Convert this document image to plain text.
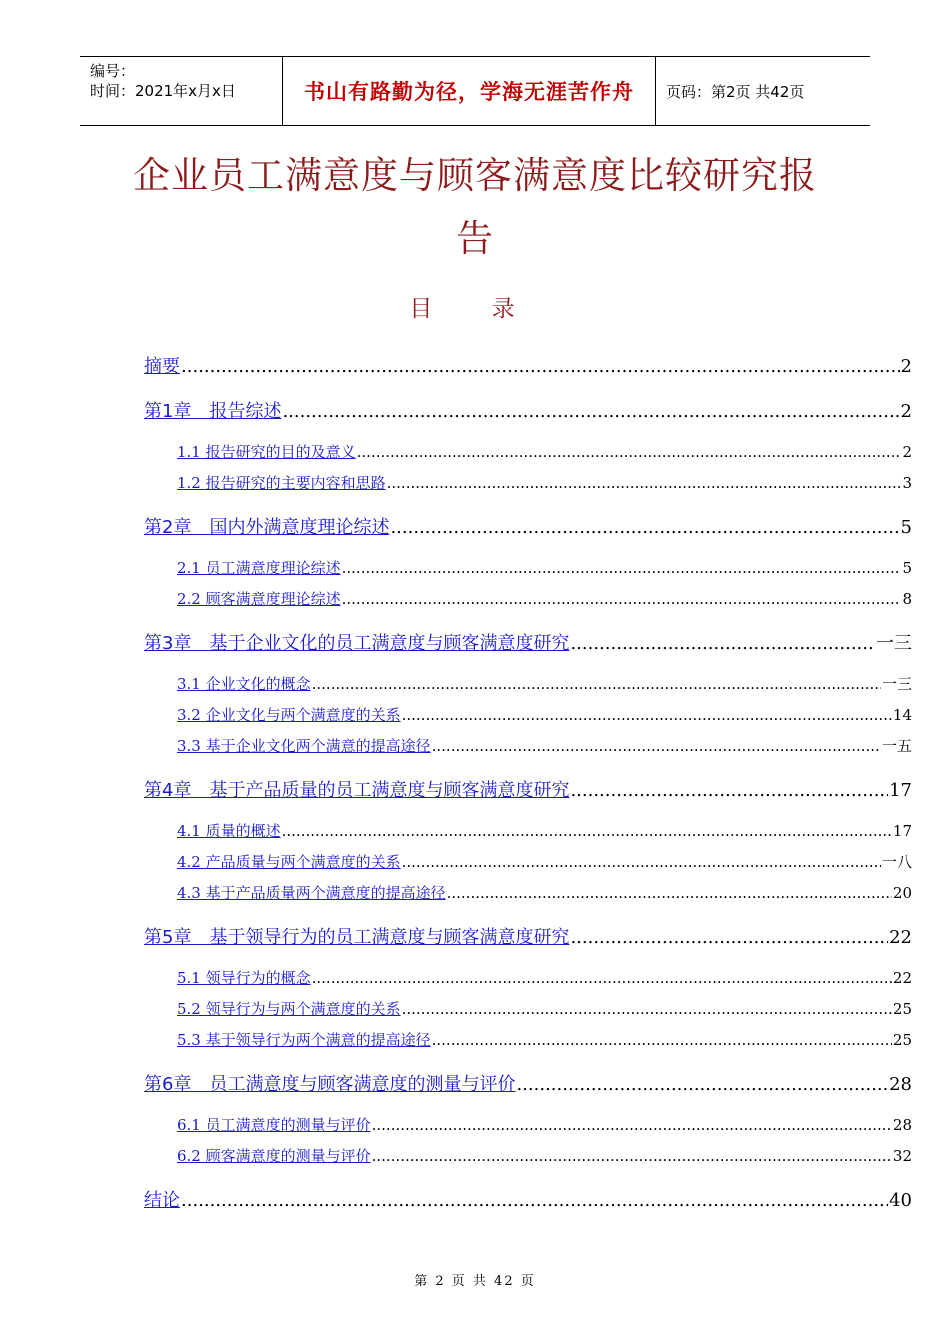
编号：
时间：2021年x月x日	书山有路勤为径，学海无涯苦作舟	页码：第2页 共42页
企业员工满意度与顾客满意度比较研究报
告
目 录
摘要 .....	2
第1章　报告综述 .....	2
1.1 报告研究的目的及意义 .....	2
1.2 报告研究的主要内容和思路 .....	3
第2章　国内外满意度理论综述 .....	5
2.1 员工满意度理论综述 .....	5
2.2 顾客满意度理论综述 .....	8
第3章　基于企业文化的员工满意度与顾客满意度研究 .....	一三
3.1 企业文化的概念 .....	一三
3.2 企业文化与两个满意度的关系 .....	14
3.3 基于企业文化两个满意的提高途径 .....	一五
第4章　基于产品质量的员工满意度与顾客满意度研究 .....	17
4.1 质量的概述 .....	17
4.2 产品质量与两个满意度的关系 .....	一八
4.3 基于产品质量两个满意度的提高途径 .....	20
第5章　基于领导行为的员工满意度与顾客满意度研究 .....	22
5.1 领导行为的概念 .....	22
5.2 领导行为与两个满意度的关系 .....	25
5.3 基于领导行为两个满意的提高途径 .....	25
第6章　员工满意度与顾客满意度的测量与评价 .....	28
6.1 员工满意度的测量与评价 .....	28
6.2 顾客满意度的测量与评价 .....	32
结论 .....	40
第 2 页 共 42 页
